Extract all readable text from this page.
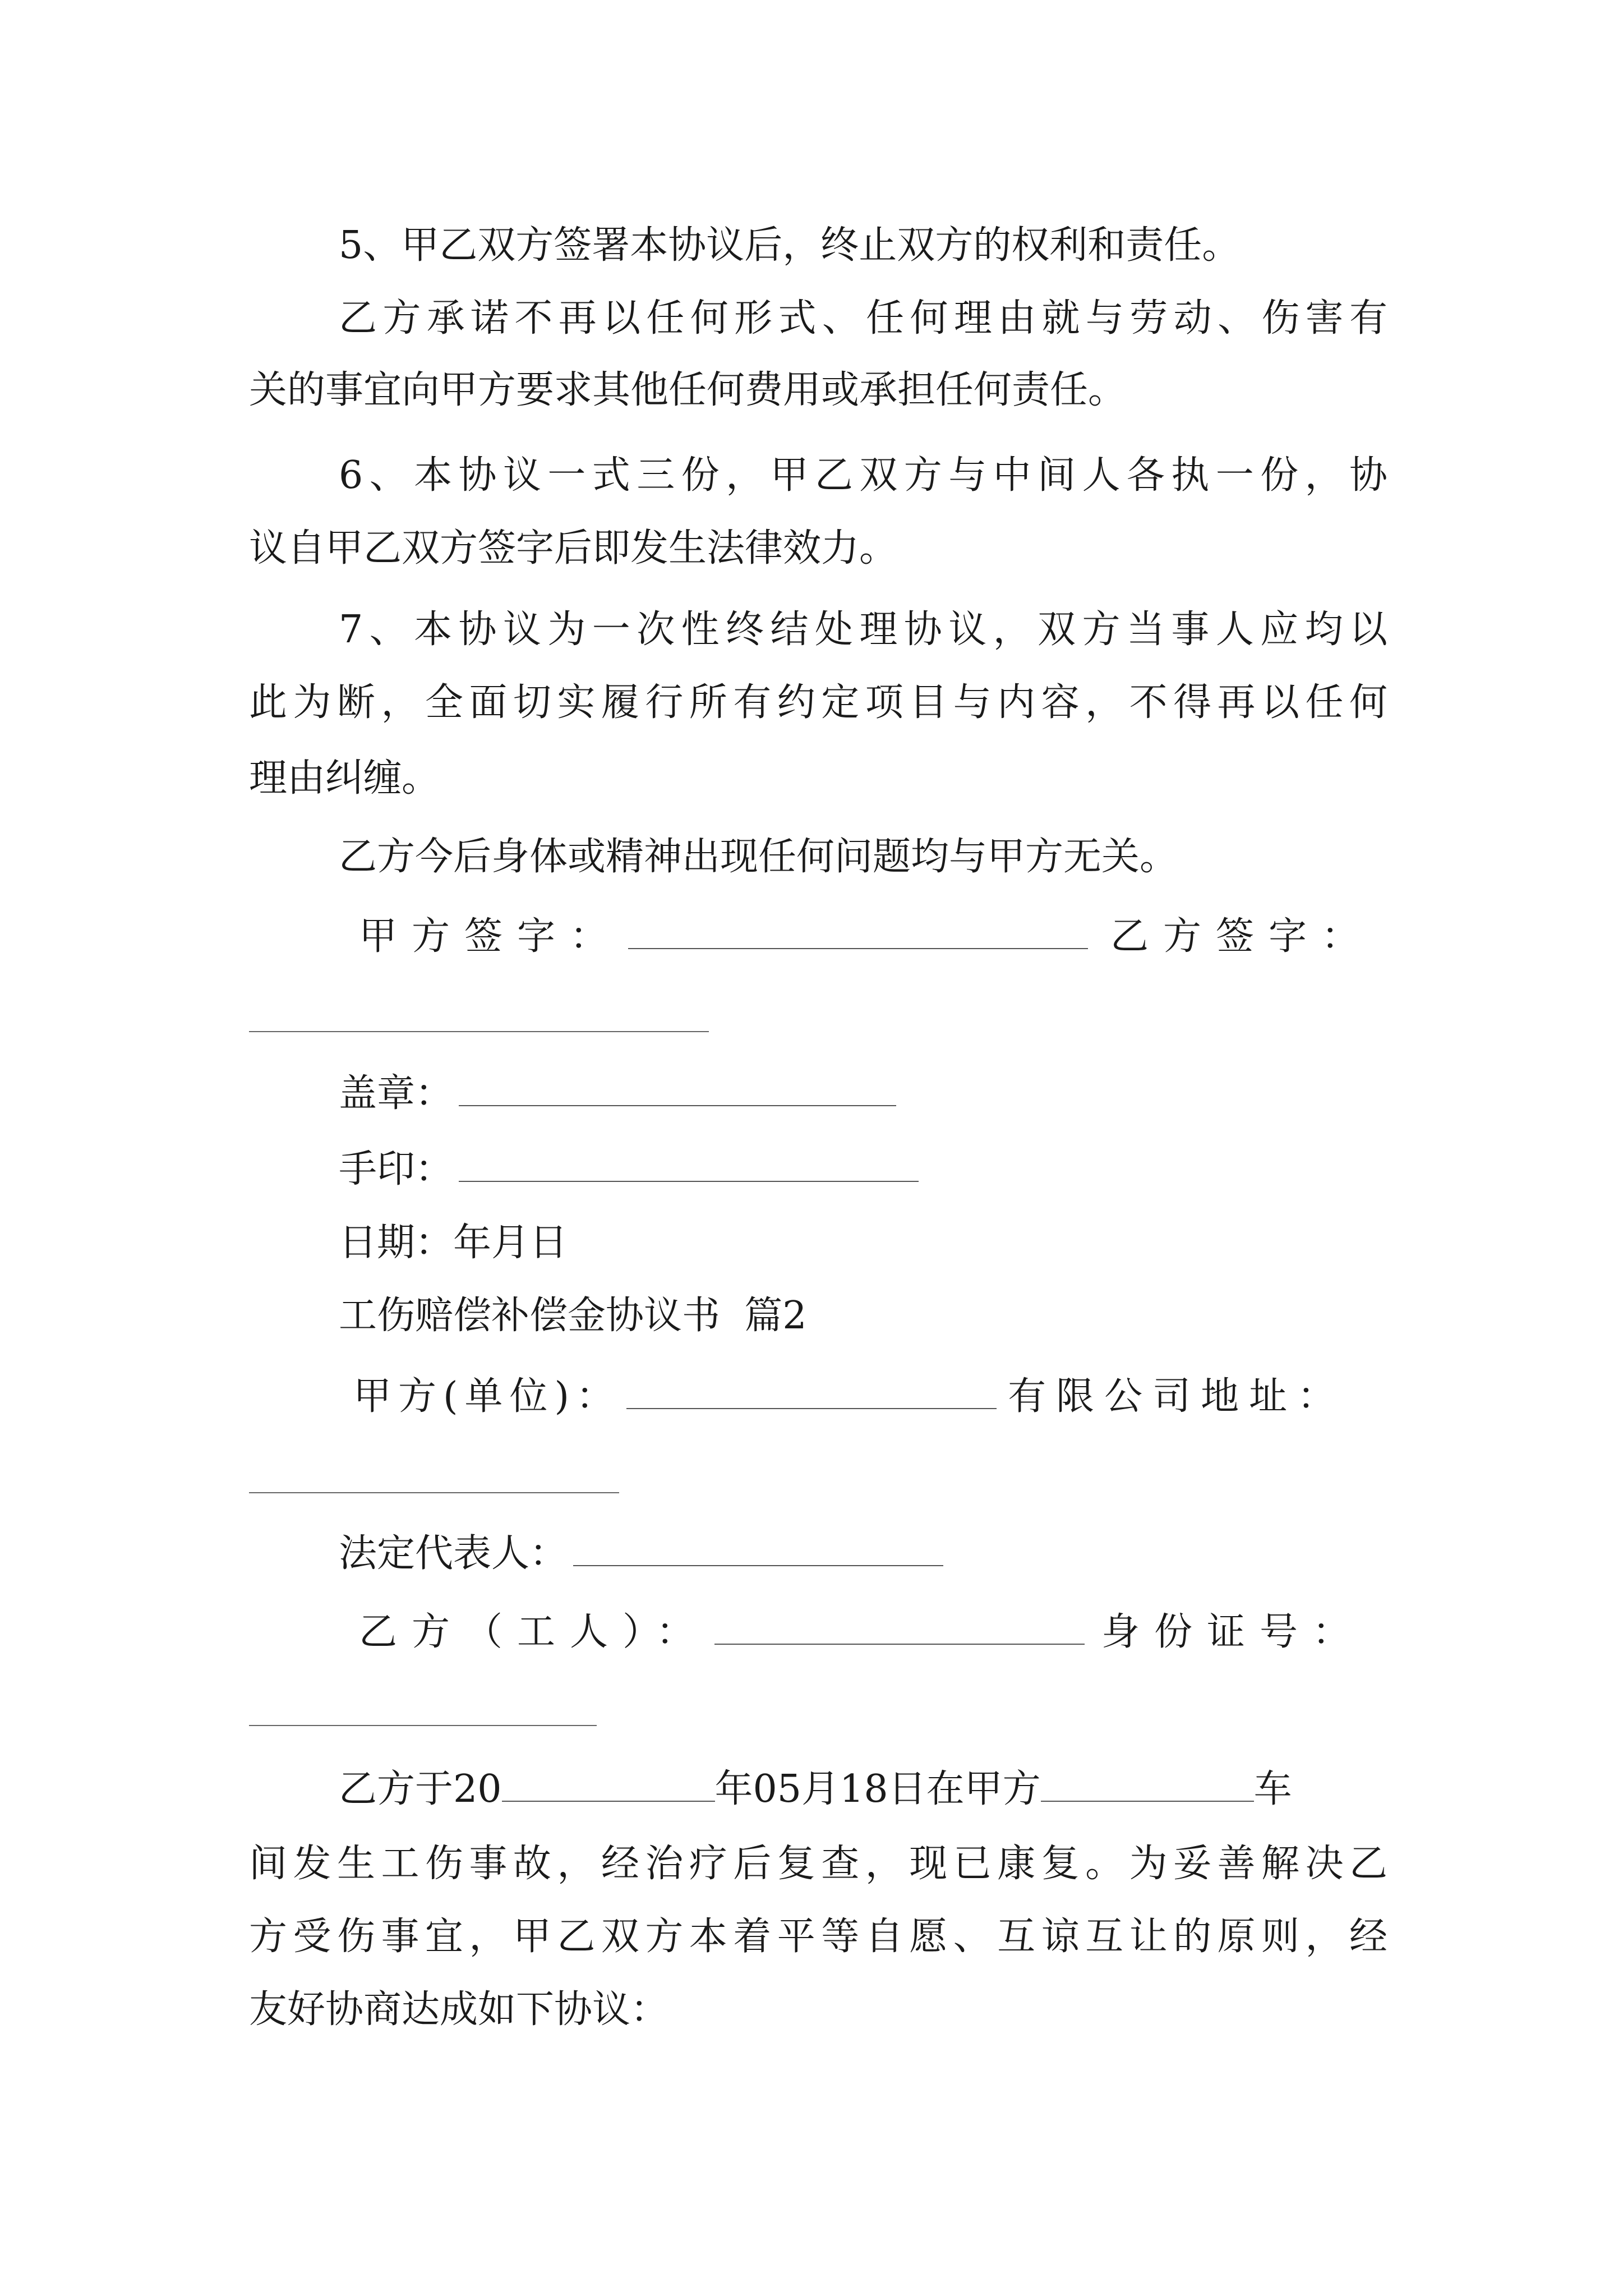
5、甲乙双方签署本协议后，终止双方的权利和责任。
乙方承诺不再以任何形式、任何理由就与劳动、伤害有
关的事宜向甲方要求其他任何费用或承担任何责任。
6、本协议一式三份，甲乙双方与中间人各执一份，协
议自甲乙双方签字后即发生法律效力。
7、本协议为一次性终结处理协议，双方当事人应均以
此为断，全面切实履行所有约定项目与内容，不得再以任何
理由纠缠。
乙方今后身体或精神出现任何问题均与甲方无关。
甲方签字：	乙方签字：
盖章：
手印：
日期：年月日
工伤赔偿补偿金协议书  篇2
甲方(单位)：	有限公司地址：
法定代表人：
乙方（工人）：	身份证号：
乙方于20	年05月18日在甲方	车
间发生工伤事故，经治疗后复查，现已康复。为妥善解决乙
方受伤事宜，甲乙双方本着平等自愿、互谅互让的原则，经
友好协商达成如下协议：
